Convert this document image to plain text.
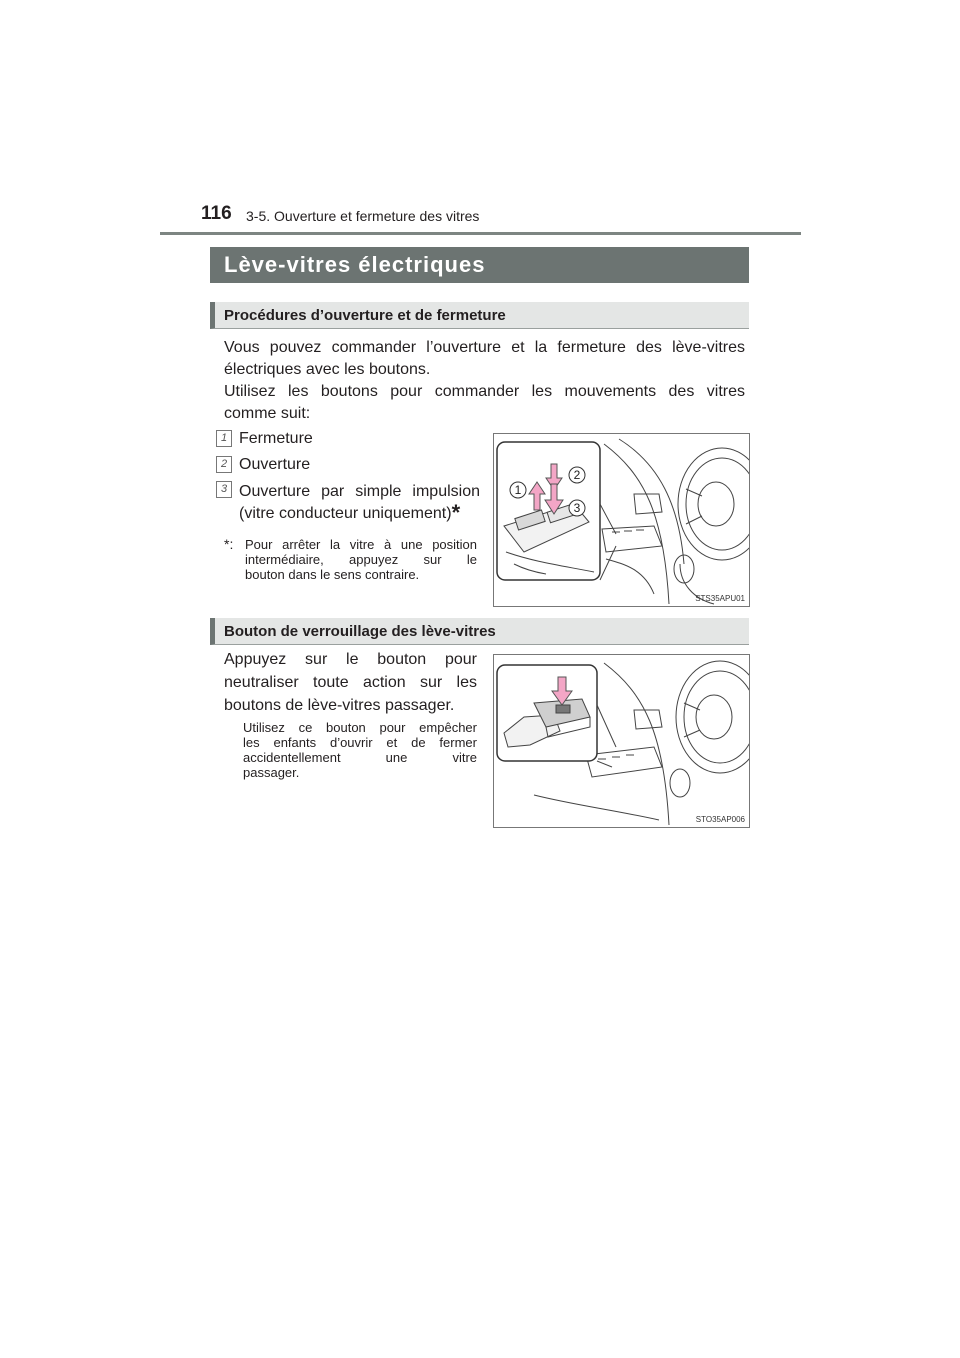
116 3-5. Ouverture et fermeture des vitres
Lève-vitres électriques
Procédures d’ouverture et de fermeture
Vous pouvez commander l’ouverture et la fermeture des lève-vitres
électriques avec les boutons.
Utilisez les boutons pour commander les mouvements des vitres
comme suit:
1 Fermeture
2 Ouverture
3 Ouverture par simple impulsion
(vitre conducteur uniquement)*
*: Pour arrêter la vitre à une position
intermédiaire, appuyez sur le
bouton dans le sens contraire.
1
2
3
STS35APU01
Bouton de verrouillage des lève-vitres
Appuyez sur le bouton pour
neutraliser toute action sur les
boutons de lève-vitres passager.
Utilisez ce bouton pour empêcher
les enfants d’ouvrir et de fermer
accidentellement une vitre
passager.
STO35AP006
